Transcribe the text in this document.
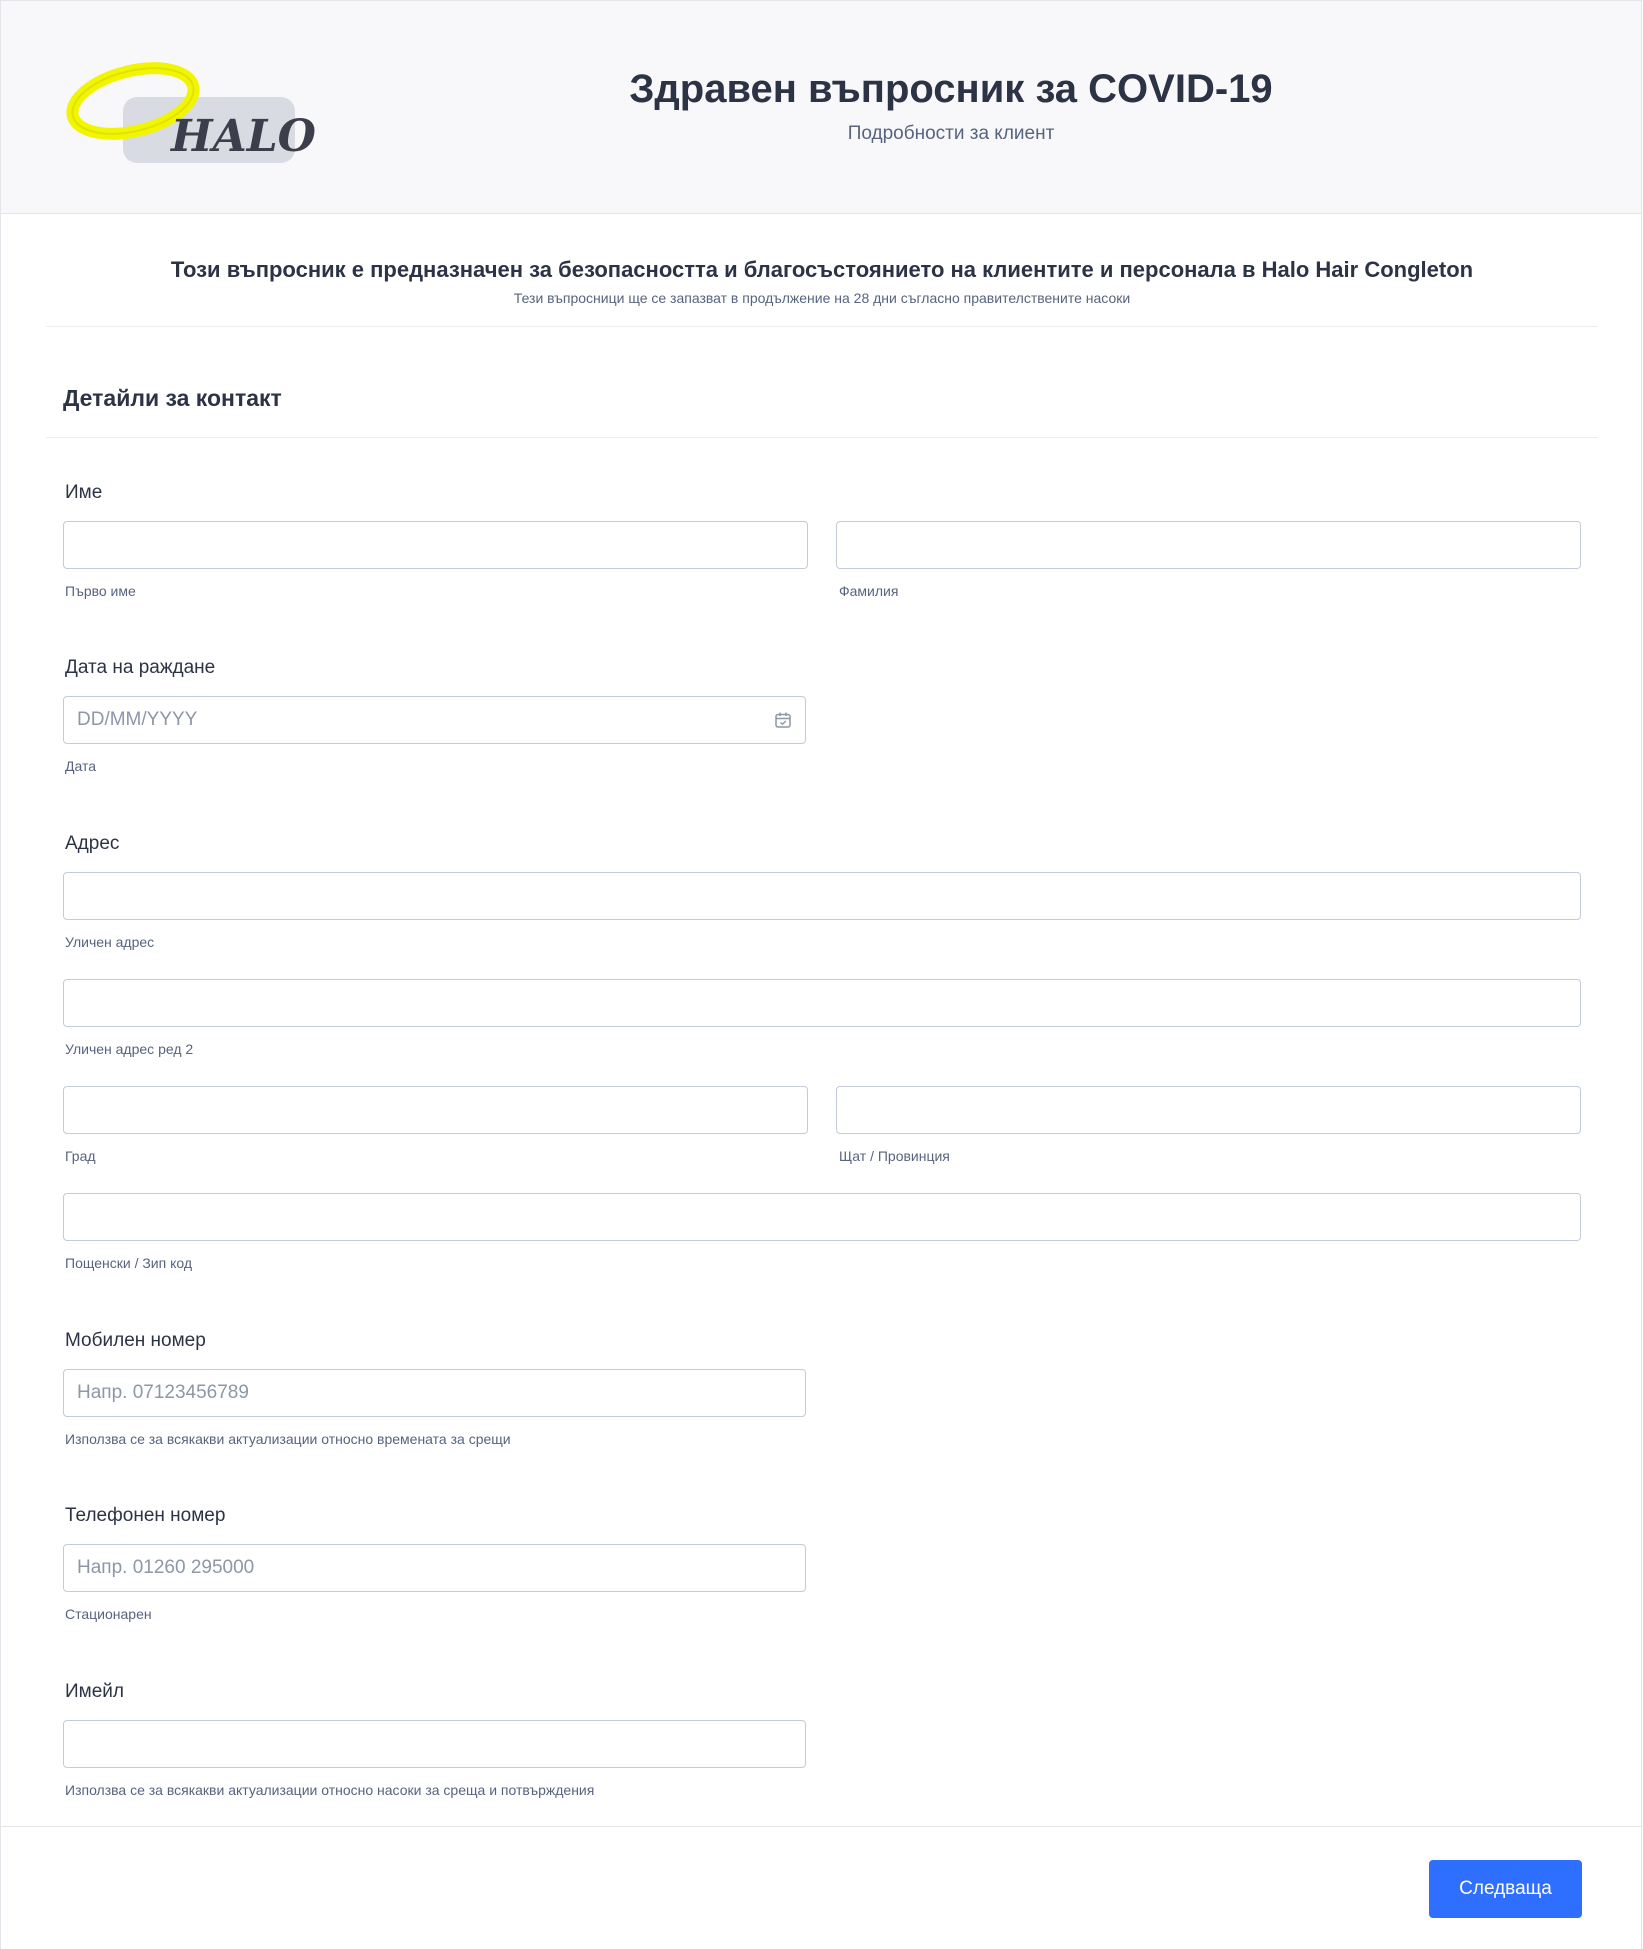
HALO
Здравен въпросник за COVID-19
Подробности за клиент
Този въпросник е предназначен за безопасността и благосъстоянието на клиентите и персонала в Halo Hair Congleton
Тези въпросници ще се запазват в продължение на 28 дни съгласно правителствените насоки
Детайли за контакт
Име
Първо име	Фамилия
Дата на раждане
DD/MM/YYYY
Дата
Адрес
Уличен адрес
Уличен адрес ред 2
Град	Щат / Провинция
Пощенски / Зип код
Мобилен номер
Напр. 07123456789
Използва се за всякакви актуализации относно времената за срещи
Телефонен номер
Напр. 01260 295000
Стационарен
Имейл
Използва се за всякакви актуализации относно насоки за среща и потвърждения
Следваща
